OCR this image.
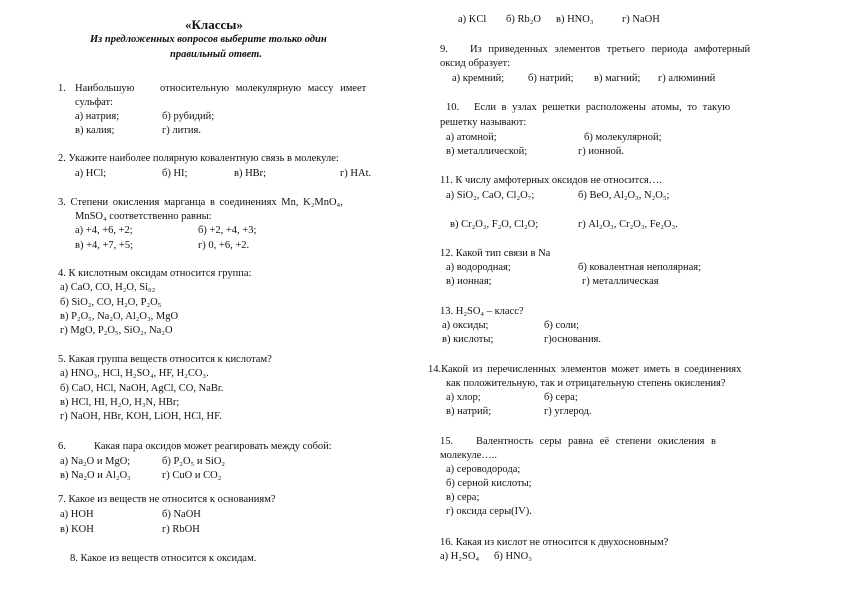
«Классы»
Из предложенных вопросов выберите только один
правильный ответ.
1. Наибольшую относительную молекулярную массу имеет
сульфат:
а) натрия;	б) рубидий;
в) калия;	г) лития.
2. Укажите наиболее полярную ковалентную связь в молекуле:
а) HCl;	б) HI;	в) HBr;	г) HAt.
3. Степени окисления марганца в соединениях Mn, K₂MnO₄,
MnSO₄ соответственно равны:
а) +4, +6, +2;	б) +2, +4, +3;
в) +4, +7, +5;	г) 0, +6, +2.
4. К кислотным оксидам относится группа:
а) CaO, CO, H₂O, Si₀₂
б) SiO₂, CO, H₂O, P₂O₅
в) P₂O₅, Na₂O, Al₂O₃, MgO
г) MgO, P₂O₅, SiO₂, Na₂O
5. Какая группа веществ относится к кислотам?
а) HNO₃, HCl, H₂SO₄, HF, H₂CO₃.
б) CaO, HCl, NaOH, AgCl, CO, NaBr.
в) HCl, HI, H₂O, H₃N, HBr;
г) NaOH, HBr, KOH, LiOH, HCl, HF.
6.	Какая пара оксидов может реагировать между собой:
а) Na₂O и MgO;	б) P₂O₅ и SiO₂
в) Na₂O и Al₂O₃	г) CuO и CO₂
7. Какое из веществ не относится к основаниям?
а) HOH	б) NaOH
в) KOH	г) RbOH
8. Какое из веществ относится к оксидам.
а) KCl б) Rb₂O в) HNO₃	г) NaOH
9. Из приведенных элементов третьего периода амфотерный
оксид образует:
а) кремний; б) натрий; в) магний; г) алюминий
10. Если в узлах решетки расположены атомы, то такую
решетку называют:
а) атомной;	б) молекулярной;
в) металлической;	г) ионной.
11. К числу амфотерных оксидов не относится….
а) SiO₂, CaO, Cl₂O₇;	б) BeO, Al₂O₃, N₂O₅;
в) Cr₂O₃, F₂O, Cl₂O;	г) Al₂O₃, Cr₂O₃, Fe₂O₃.
12. Какой тип связи в Na
а) водородная;	б) ковалентная неполярная;
в) ионная;	г) металлическая
13. H₂SO₄ – класс?
а) оксиды;	б) соли;
в) кислоты;	г)основания.
14.Какой из перечисленных элементов может иметь в соединениях
как положительную, так и отрицательную степень окисления?
а) хлор;	б) сера;
в) натрий;	г) углерод.
15. Валентность серы равна её степени окисления в
молекуле…..
а) сероводорода;
б) серной кислоты;
в) сера;
г) оксида серы(IV).
16. Какая из кислот не относится к двухосновным?
а) H₂SO₄ б) HNO₃
